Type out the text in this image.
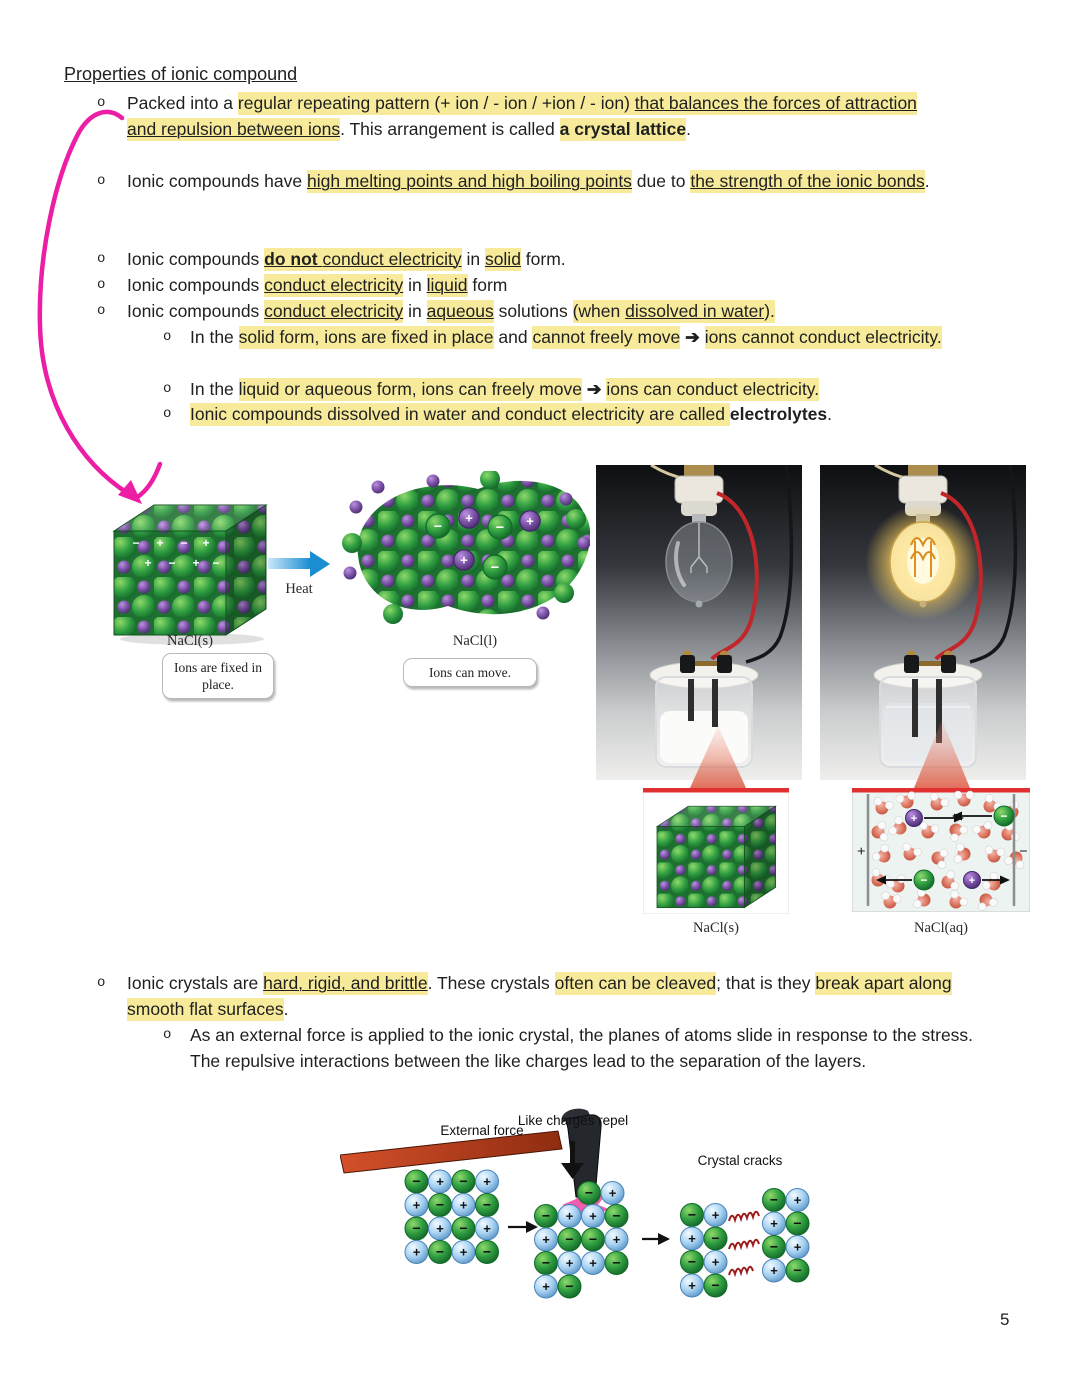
Properties of ionic compound
o	Packed into a regular repeating pattern (+ ion / - ion / +ion / - ion) that balances the forces of attraction and repulsion between ions. This arrangement is called a crystal lattice.
o	Ionic compounds have high melting points and high boiling points due to the strength of the ionic bonds.
o	Ionic compounds do not conduct electricity in solid form.
o	Ionic compounds conduct electricity in liquid form
o	Ionic compounds conduct electricity in aqueous solutions (when dissolved in water).
o	In the solid form, ions are fixed in place and cannot freely move ➔ ions cannot conduct electricity.
o	In the liquid or aqueous form, ions can freely move ➔ ions can conduct electricity.
o	Ionic compounds dissolved in water and conduct electricity are called electrolytes.
− + − +
+ − + −
Heat
NaCl(s)	NaCl(l)
Ions are fixed in place.
Ions can move.
+	−
NaCl(s)	NaCl(aq)
o	Ionic crystals are hard, rigid, and brittle. These crystals often can be cleaved; that is they break apart along smooth flat surfaces.
o	As an external force is applied to the ionic crystal, the planes of atoms slide in response to the stress. The repulsive interactions between the like charges lead to the separation of the layers.
External force
Like charges repel
Crystal cracks
5
